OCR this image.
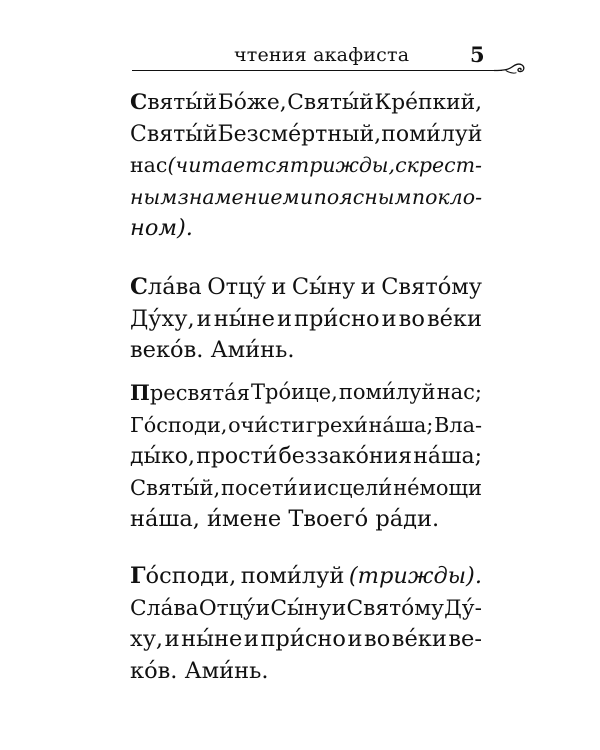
чтения акафиста	5
Святы́й Бо́же, Святы́й Кре́пкий,
Святы́й Безсме́ртный, поми́луй
нас (читается трижды, с крест-
ным знамением и поясным покло-
ном).
Сла́ва Отцу́ и Сы́ну и Свято́му
Ду́ху, и ны́не и при́сно и во ве́ки
веко́в. Ами́нь.
Пресвята́я Тро́ице, поми́луй нас;
Го́споди, очи́сти грехи́ на́ша; Вла-
ды́ко, прости́ беззако́ния на́ша;
Святы́й, посети́ и исцели́ не́мощи
на́ша, и́мене Твоего́ ра́ди.
Го́споди, поми́луй (трижды).
Сла́ва Отцу́ и Сы́ну и Свято́му Ду́-
ху, и ны́не и при́сно и во ве́ки ве-
ко́в. Ами́нь.
